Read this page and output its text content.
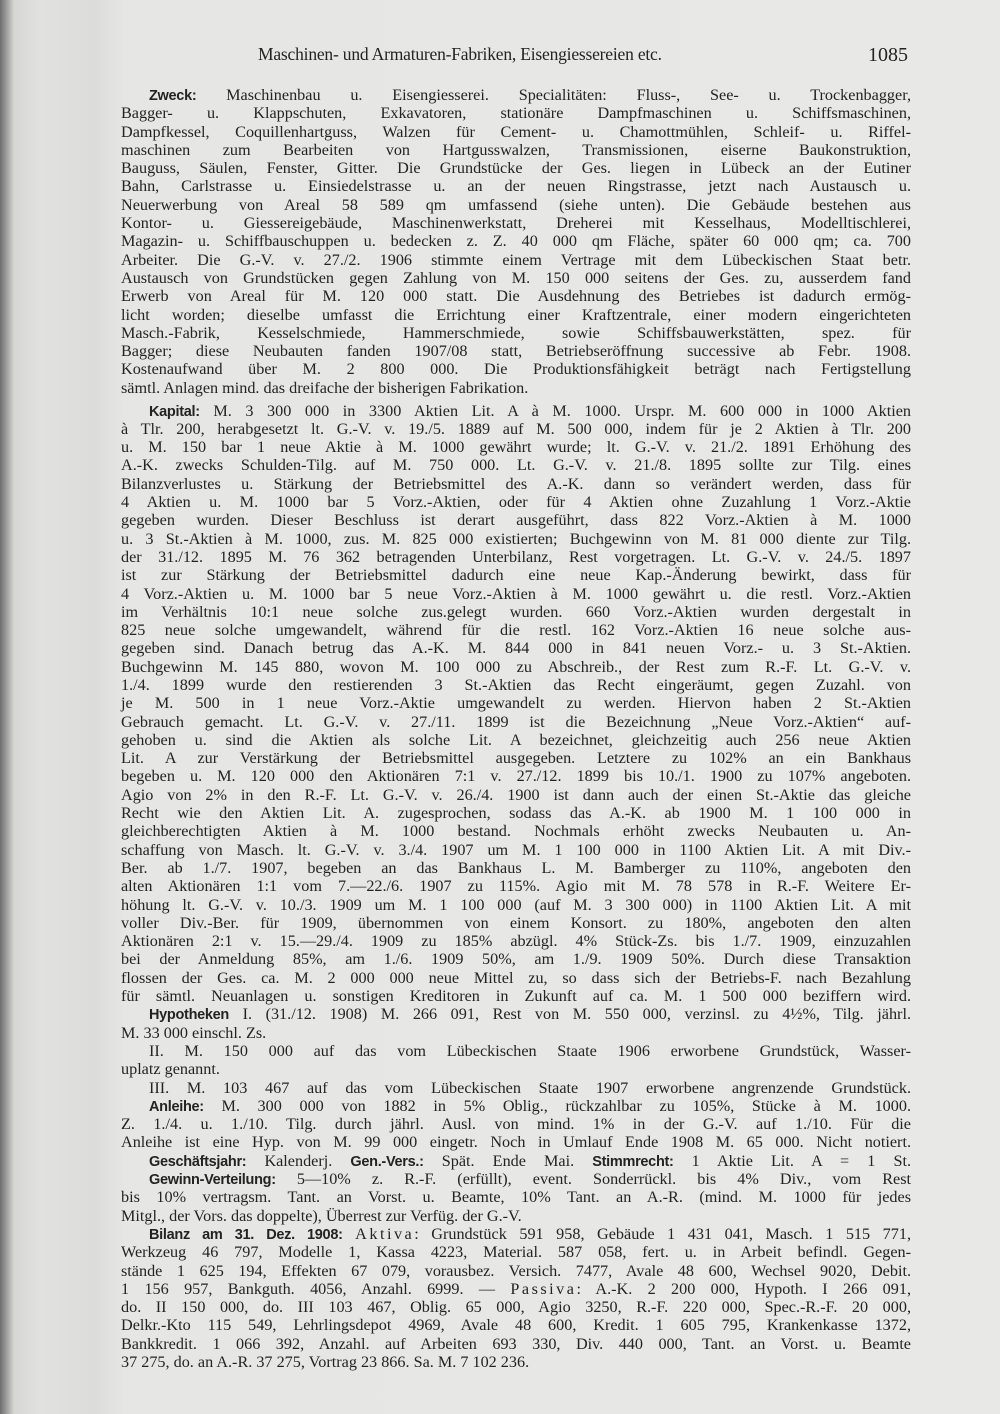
Maschinen- und Armaturen-Fabriken, Eisengiessereien etc.	1085
Zweck: Maschinenbau u. Eisengiesserei. Specialitäten: Fluss-, See- u. Trockenbagger,
Bagger- u. Klappschuten, Exkavatoren, stationäre Dampfmaschinen u. Schiffsmaschinen,
Dampfkessel, Coquillenhartguss, Walzen für Cement- u. Chamottmühlen, Schleif- u. Riffel-
maschinen zum Bearbeiten von Hartgusswalzen, Transmissionen, eiserne Baukonstruktion,
Bauguss, Säulen, Fenster, Gitter. Die Grundstücke der Ges. liegen in Lübeck an der Eutiner
Bahn, Carlstrasse u. Einsiedelstrasse u. an der neuen Ringstrasse, jetzt nach Austausch u.
Neuerwerbung von Areal 58 589 qm umfassend (siehe unten). Die Gebäude bestehen aus
Kontor- u. Giessereigebäude, Maschinenwerkstatt, Dreherei mit Kesselhaus, Modelltischlerei,
Magazin- u. Schiffbauschuppen u. bedecken z. Z. 40 000 qm Fläche, später 60 000 qm; ca. 700
Arbeiter. Die G.-V. v. 27./2. 1906 stimmte einem Vertrage mit dem Lübeckischen Staat betr.
Austausch von Grundstücken gegen Zahlung von M. 150 000 seitens der Ges. zu, ausserdem fand
Erwerb von Areal für M. 120 000 statt. Die Ausdehnung des Betriebes ist dadurch ermög-
licht worden; dieselbe umfasst die Errichtung einer Kraftzentrale, einer modern eingerichteten
Masch.-Fabrik, Kesselschmiede, Hammerschmiede, sowie Schiffsbauwerkstätten, spez. für
Bagger; diese Neubauten fanden 1907/08 statt, Betriebseröffnung successive ab Febr. 1908.
Kostenaufwand über M. 2 800 000. Die Produktionsfähigkeit beträgt nach Fertigstellung
sämtl. Anlagen mind. das dreifache der bisherigen Fabrikation.
Kapital: M. 3 300 000 in 3300 Aktien Lit. A à M. 1000. Urspr. M. 600 000 in 1000 Aktien
à Tlr. 200, herabgesetzt lt. G.-V. v. 19./5. 1889 auf M. 500 000, indem für je 2 Aktien à Tlr. 200
u. M. 150 bar 1 neue Aktie à M. 1000 gewährt wurde; lt. G.-V. v. 21./2. 1891 Erhöhung des
A.-K. zwecks Schulden-Tilg. auf M. 750 000. Lt. G.-V. v. 21./8. 1895 sollte zur Tilg. eines
Bilanzverlustes u. Stärkung der Betriebsmittel des A.-K. dann so verändert werden, dass für
4 Aktien u. M. 1000 bar 5 Vorz.-Aktien, oder für 4 Aktien ohne Zuzahlung 1 Vorz.-Aktie
gegeben wurden. Dieser Beschluss ist derart ausgeführt, dass 822 Vorz.-Aktien à M. 1000
u. 3 St.-Aktien à M. 1000, zus. M. 825 000 existierten; Buchgewinn von M. 81 000 diente zur Tilg.
der 31./12. 1895 M. 76 362 betragenden Unterbilanz, Rest vorgetragen. Lt. G.-V. v. 24./5. 1897
ist zur Stärkung der Betriebsmittel dadurch eine neue Kap.-Änderung bewirkt, dass für
4 Vorz.-Aktien u. M. 1000 bar 5 neue Vorz.-Aktien à M. 1000 gewährt u. die restl. Vorz.-Aktien
im Verhältnis 10:1 neue solche zus.gelegt wurden. 660 Vorz.-Aktien wurden dergestalt in
825 neue solche umgewandelt, während für die restl. 162 Vorz.-Aktien 16 neue solche aus-
gegeben sind. Danach betrug das A.-K. M. 844 000 in 841 neuen Vorz.- u. 3 St.-Aktien.
Buchgewinn M. 145 880, wovon M. 100 000 zu Abschreib., der Rest zum R.-F. Lt. G.-V. v.
1./4. 1899 wurde den restierenden 3 St.-Aktien das Recht eingeräumt, gegen Zuzahl. von
je M. 500 in 1 neue Vorz.-Aktie umgewandelt zu werden. Hiervon haben 2 St.-Aktien
Gebrauch gemacht. Lt. G.-V. v. 27./11. 1899 ist die Bezeichnung „Neue Vorz.-Aktien“ auf-
gehoben u. sind die Aktien als solche Lit. A bezeichnet, gleichzeitig auch 256 neue Aktien
Lit. A zur Verstärkung der Betriebsmittel ausgegeben. Letztere zu 102% an ein Bankhaus
begeben u. M. 120 000 den Aktionären 7:1 v. 27./12. 1899 bis 10./1. 1900 zu 107% angeboten.
Agio von 2% in den R.-F. Lt. G.-V. v. 26./4. 1900 ist dann auch der einen St.-Aktie das gleiche
Recht wie den Aktien Lit. A. zugesprochen, sodass das A.-K. ab 1900 M. 1 100 000 in
gleichberechtigten Aktien à M. 1000 bestand. Nochmals erhöht zwecks Neubauten u. An-
schaffung von Masch. lt. G.-V. v. 3./4. 1907 um M. 1 100 000 in 1100 Aktien Lit. A mit Div.-
Ber. ab 1./7. 1907, begeben an das Bankhaus L. M. Bamberger zu 110%, angeboten den
alten Aktionären 1:1 vom 7.—22./6. 1907 zu 115%. Agio mit M. 78 578 in R.-F. Weitere Er-
höhung lt. G.-V. v. 10./3. 1909 um M. 1 100 000 (auf M. 3 300 000) in 1100 Aktien Lit. A mit
voller Div.-Ber. für 1909, übernommen von einem Konsort. zu 180%, angeboten den alten
Aktionären 2:1 v. 15.—29./4. 1909 zu 185% abzügl. 4% Stück-Zs. bis 1./7. 1909, einzuzahlen
bei der Anmeldung 85%, am 1./6. 1909 50%, am 1./9. 1909 50%. Durch diese Transaktion
flossen der Ges. ca. M. 2 000 000 neue Mittel zu, so dass sich der Betriebs-F. nach Bezahlung
für sämtl. Neuanlagen u. sonstigen Kreditoren in Zukunft auf ca. M. 1 500 000 beziffern wird.
Hypotheken I. (31./12. 1908) M. 266 091, Rest von M. 550 000, verzinsl. zu 4½%, Tilg. jährl.
M. 33 000 einschl. Zs.
II. M. 150 000 auf das vom Lübeckischen Staate 1906 erworbene Grundstück, Wasser-
uplatz genannt.
III. M. 103 467 auf das vom Lübeckischen Staate 1907 erworbene angrenzende Grundstück.
Anleihe: M. 300 000 von 1882 in 5% Oblig., rückzahlbar zu 105%, Stücke à M. 1000.
Z. 1./4. u. 1./10. Tilg. durch jährl. Ausl. von mind. 1% in der G.-V. auf 1./10. Für die
Anleihe ist eine Hyp. von M. 99 000 eingetr. Noch in Umlauf Ende 1908 M. 65 000. Nicht notiert.
Geschäftsjahr: Kalenderj. Gen.-Vers.: Spät. Ende Mai. Stimmrecht: 1 Aktie Lit. A = 1 St.
Gewinn-Verteilung: 5—10% z. R.-F. (erfüllt), event. Sonderrückl. bis 4% Div., vom Rest
bis 10% vertragsm. Tant. an Vorst. u. Beamte, 10% Tant. an A.-R. (mind. M. 1000 für jedes
Mitgl., der Vors. das doppelte), Überrest zur Verfüg. der G.-V.
Bilanz am 31. Dez. 1908: Aktiva: Grundstück 591 958, Gebäude 1 431 041, Masch. 1 515 771,
Werkzeug 46 797, Modelle 1, Kassa 4223, Material. 587 058, fert. u. in Arbeit befindl. Gegen-
stände 1 625 194, Effekten 67 079, vorausbez. Versich. 7477, Avale 48 600, Wechsel 9020, Debit.
1 156 957, Bankguth. 4056, Anzahl. 6999. — Passiva: A.-K. 2 200 000, Hypoth. I 266 091,
do. II 150 000, do. III 103 467, Oblig. 65 000, Agio 3250, R.-F. 220 000, Spec.-R.-F. 20 000,
Delkr.-Kto 115 549, Lehrlingsdepot 4969, Avale 48 600, Kredit. 1 605 795, Krankenkasse 1372,
Bankkredit. 1 066 392, Anzahl. auf Arbeiten 693 330, Div. 440 000, Tant. an Vorst. u. Beamte
37 275, do. an A.-R. 37 275, Vortrag 23 866. Sa. M. 7 102 236.
